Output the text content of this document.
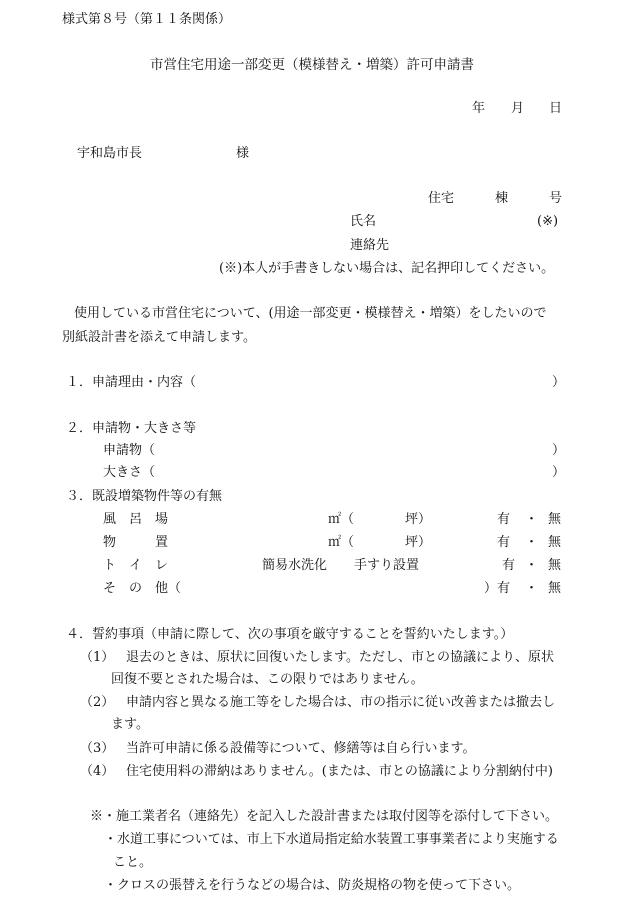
様式第８号（第１１条関係）
市営住宅用途一部変更（模様替え・増築）許可申請書
年 月 日
宇和島市長	様
住宅	棟	号
氏名	(※)
連絡先
(※)本人が手書きしない場合は、記名押印してください。
使用している市営住宅について、(用途一部変更・模様替え・増築）をしたいので
別紙設計書を添えて申請します。
１．申請理由・内容（	）
２．申請物・大きさ等
申請物（	）
大きさ（	）
３．既設増築物件等の有無
風　呂　場	㎡（	坪）	有 ・ 無
物　　　置	㎡（	坪）	有 ・ 無
ト　イ　レ	簡易水洗化 手すり設置	有 ・ 無
そ　の　他（	） 有 ・ 無
４．誓約事項（申請に際して、次の事項を厳守することを誓約いたします。）
（1） 退去のときは、原状に回復いたします。ただし、市との協議により、原状
回復不要とされた場合は、この限りではありません。
（2） 申請内容と異なる施工等をした場合は、市の指示に従い改善または撤去し
ます。
（3） 当許可申請に係る設備等について、修繕等は自ら行います。
（4） 住宅使用料の滞納はありません。(または、市との協議により分割納付中)
※・施工業者名（連絡先）を記入した設計書または取付図等を添付して下さい。
・水道工事については、市上下水道局指定給水装置工事事業者により実施する
こと。
・クロスの張替えを行うなどの場合は、防炎規格の物を使って下さい。
